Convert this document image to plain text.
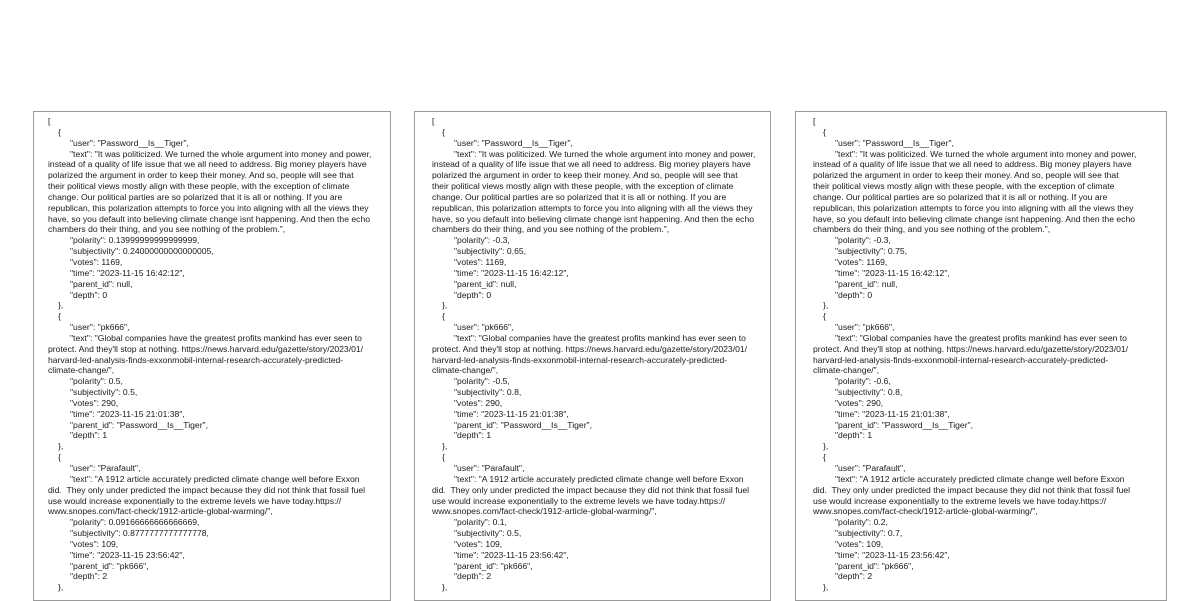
[
{
"user": "Password__Is__Tiger",
"text": "It was politicized. We turned the whole argument into money and power,
instead of a quality of life issue that we all need to address. Big money players have
polarized the argument in order to keep their money. And so, people will see that
their political views mostly align with these people, with the exception of climate
change. Our political parties are so polarized that it is all or nothing. If you are
republican, this polarization attempts to force you into aligning with all the views they
have, so you default into believing climate change isnt happening. And then the echo
chambers do their thing, and you see nothing of the problem.",
"polarity": 0.13999999999999999,
"subjectivity": 0.24000000000000005,
"votes": 1169,
"time": "2023-11-15 16:42:12",
"parent_id": null,
"depth": 0
},
{
"user": "pk666",
"text": "Global companies have the greatest profits mankind has ever seen to
protect. And they'll stop at nothing. https://news.harvard.edu/gazette/story/2023/01/
harvard-led-analysis-finds-exxonmobil-internal-research-accurately-predicted-
climate-change/",
"polarity": 0.5,
"subjectivity": 0.5,
"votes": 290,
"time": "2023-11-15 21:01:38",
"parent_id": "Password__Is__Tiger",
"depth": 1
},
{
"user": "Parafault",
"text": "A 1912 article accurately predicted climate change well before Exxon
did.  They only under predicted the impact because they did not think that fossil fuel
use would increase exponentially to the extreme levels we have today.https://
www.snopes.com/fact-check/1912-article-global-warming/",
"polarity": 0.09166666666666669,
"subjectivity": 0.8777777777777778,
"votes": 109,
"time": "2023-11-15 23:56:42",
"parent_id": "pk666",
"depth": 2
},
[
{
"user": "Password__Is__Tiger",
"text": "It was politicized. We turned the whole argument into money and power,
instead of a quality of life issue that we all need to address. Big money players have
polarized the argument in order to keep their money. And so, people will see that
their political views mostly align with these people, with the exception of climate
change. Our political parties are so polarized that it is all or nothing. If you are
republican, this polarization attempts to force you into aligning with all the views they
have, so you default into believing climate change isnt happening. And then the echo
chambers do their thing, and you see nothing of the problem.",
"polarity": -0.3,
"subjectivity": 0.65,
"votes": 1169,
"time": "2023-11-15 16:42:12",
"parent_id": null,
"depth": 0
},
{
"user": "pk666",
"text": "Global companies have the greatest profits mankind has ever seen to
protect. And they'll stop at nothing. https://news.harvard.edu/gazette/story/2023/01/
harvard-led-analysis-finds-exxonmobil-internal-research-accurately-predicted-
climate-change/",
"polarity": -0.5,
"subjectivity": 0.8,
"votes": 290,
"time": "2023-11-15 21:01:38",
"parent_id": "Password__Is__Tiger",
"depth": 1
},
{
"user": "Parafault",
"text": "A 1912 article accurately predicted climate change well before Exxon
did.  They only under predicted the impact because they did not think that fossil fuel
use would increase exponentially to the extreme levels we have today.https://
www.snopes.com/fact-check/1912-article-global-warming/",
"polarity": 0.1,
"subjectivity": 0.5,
"votes": 109,
"time": "2023-11-15 23:56:42",
"parent_id": "pk666",
"depth": 2
},
[
{
"user": "Password__Is__Tiger",
"text": "It was politicized. We turned the whole argument into money and power,
instead of a quality of life issue that we all need to address. Big money players have
polarized the argument in order to keep their money. And so, people will see that
their political views mostly align with these people, with the exception of climate
change. Our political parties are so polarized that it is all or nothing. If you are
republican, this polarization attempts to force you into aligning with all the views they
have, so you default into believing climate change isnt happening. And then the echo
chambers do their thing, and you see nothing of the problem.",
"polarity": -0.3,
"subjectivity": 0.75,
"votes": 1169,
"time": "2023-11-15 16:42:12",
"parent_id": null,
"depth": 0
},
{
"user": "pk666",
"text": "Global companies have the greatest profits mankind has ever seen to
protect. And they'll stop at nothing. https://news.harvard.edu/gazette/story/2023/01/
harvard-led-analysis-finds-exxonmobil-internal-research-accurately-predicted-
climate-change/",
"polarity": -0.6,
"subjectivity": 0.8,
"votes": 290,
"time": "2023-11-15 21:01:38",
"parent_id": "Password__Is__Tiger",
"depth": 1
},
{
"user": "Parafault",
"text": "A 1912 article accurately predicted climate change well before Exxon
did.  They only under predicted the impact because they did not think that fossil fuel
use would increase exponentially to the extreme levels we have today.https://
www.snopes.com/fact-check/1912-article-global-warming/",
"polarity": 0.2,
"subjectivity": 0.7,
"votes": 109,
"time": "2023-11-15 23:56:42",
"parent_id": "pk666",
"depth": 2
},
